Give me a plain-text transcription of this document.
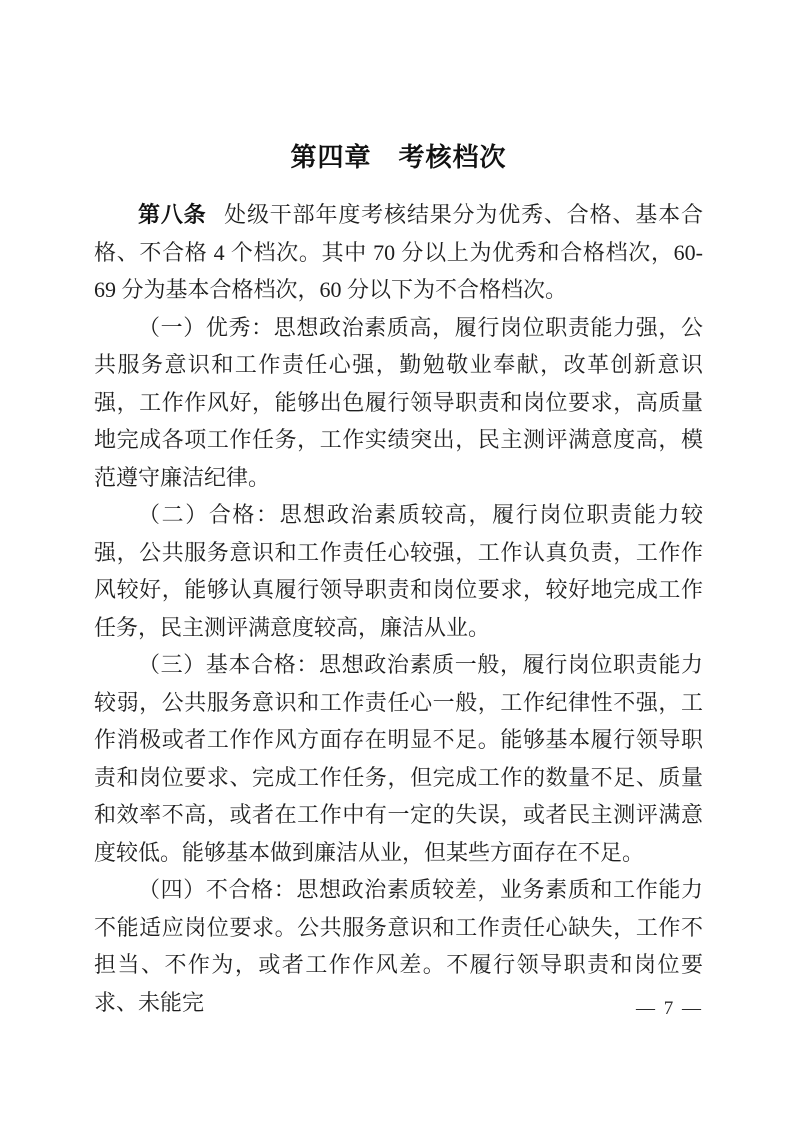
第四章　考核档次

第八条 处级干部年度考核结果分为优秀、合格、基本合格、不合格 4 个档次。其中 70 分以上为优秀和合格档次，60-69 分为基本合格档次，60 分以下为不合格档次。

（一）优秀：思想政治素质高，履行岗位职责能力强，公共服务意识和工作责任心强，勤勉敬业奉献，改革创新意识强，工作作风好，能够出色履行领导职责和岗位要求，高质量地完成各项工作任务，工作实绩突出，民主测评满意度高，模范遵守廉洁纪律。

（二）合格：思想政治素质较高，履行岗位职责能力较强，公共服务意识和工作责任心较强，工作认真负责，工作作风较好，能够认真履行领导职责和岗位要求，较好地完成工作任务，民主测评满意度较高，廉洁从业。

（三）基本合格：思想政治素质一般，履行岗位职责能力较弱，公共服务意识和工作责任心一般，工作纪律性不强，工作消极或者工作作风方面存在明显不足。能够基本履行领导职责和岗位要求、完成工作任务，但完成工作的数量不足、质量和效率不高，或者在工作中有一定的失误，或者民主测评满意度较低。能够基本做到廉洁从业，但某些方面存在不足。

（四）不合格：思想政治素质较差，业务素质和工作能力不能适应岗位要求。公共服务意识和工作责任心缺失，工作不担当、不作为，或者工作作风差。不履行领导职责和岗位要求、未能完	— 7 —
